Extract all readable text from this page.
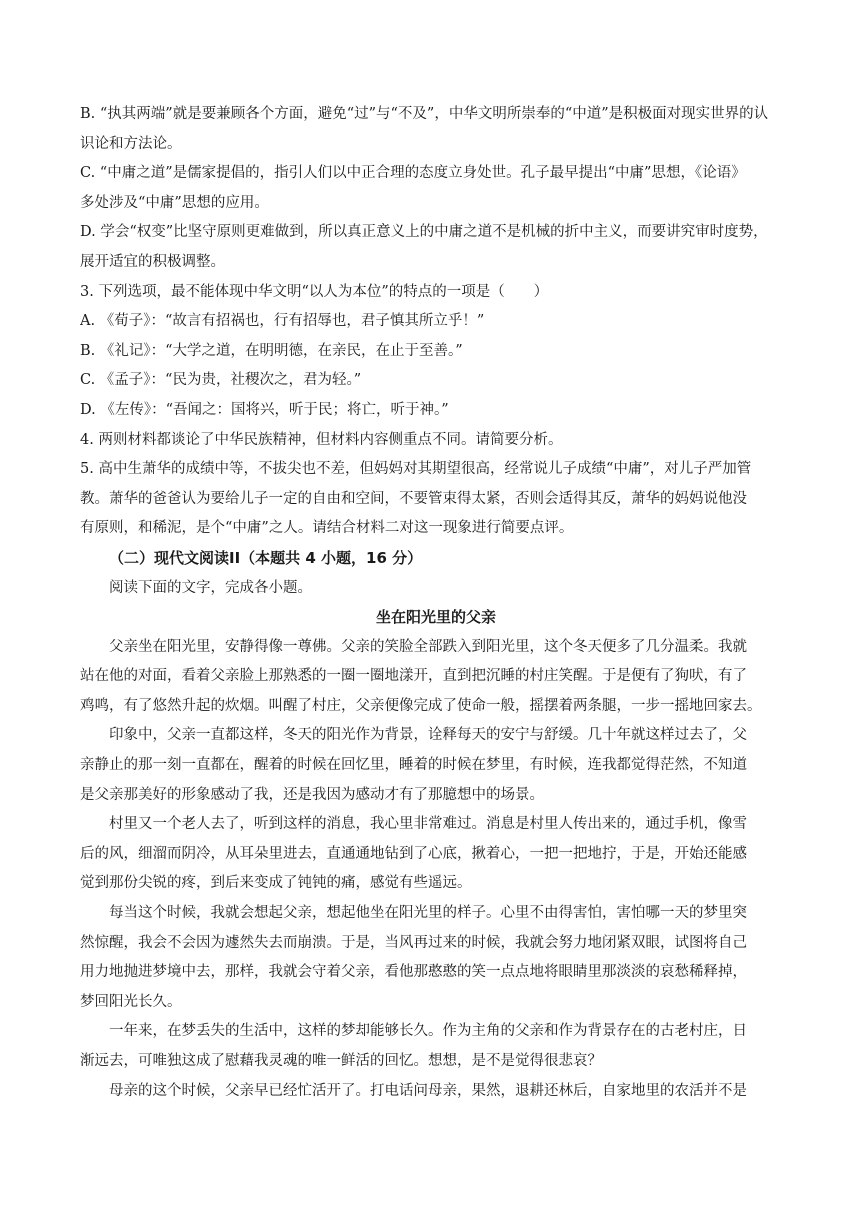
B. “执其两端”就是要兼顾各个方面，避免“过”与“不及”，中华文明所崇奉的“中道”是积极面对现实世界的认

识论和方法论。

C. “中庸之道”是儒家提倡的，指引人们以中正合理的态度立身处世。孔子最早提出“中庸”思想，《论语》

多处涉及“中庸”思想的应用。

D. 学会“权变”比坚守原则更难做到，所以真正意义上的中庸之道不是机械的折中主义，而要讲究审时度势，

展开适宜的积极调整。

3. 下列选项，最不能体现中华文明“以人为本位”的特点的一项是（　　）

A. 《荀子》：“故言有招祸也，行有招辱也，君子慎其所立乎！”

B. 《礼记》：“大学之道，在明明德，在亲民，在止于至善。”

C. 《孟子》：“民为贵，社稷次之，君为轻。”

D. 《左传》：“吾闻之：国将兴，听于民；将亡，听于神。”

4. 两则材料都谈论了中华民族精神，但材料内容侧重点不同。请简要分析。

5. 高中生萧华的成绩中等，不拔尖也不差，但妈妈对其期望很高，经常说儿子成绩“中庸”，对儿子严加管

教。萧华的爸爸认为要给儿子一定的自由和空间，不要管束得太紧，否则会适得其反，萧华的妈妈说他没

有原则，和稀泥，是个“中庸”之人。请结合材料二对这一现象进行简要点评。

（二）现代文阅读II（本题共 4 小题，16 分）

阅读下面的文字，完成各小题。

坐在阳光里的父亲

父亲坐在阳光里，安静得像一尊佛。父亲的笑脸全部跌入到阳光里，这个冬天便多了几分温柔。我就

站在他的对面，看着父亲脸上那熟悉的一圈一圈地漾开，直到把沉睡的村庄笑醒。于是便有了狗吠，有了

鸡鸣，有了悠然升起的炊烟。叫醒了村庄，父亲便像完成了使命一般，摇摆着两条腿，一步一摇地回家去。

印象中，父亲一直都这样，冬天的阳光作为背景，诠释每天的安宁与舒缓。几十年就这样过去了，父

亲静止的那一刻一直都在，醒着的时候在回忆里，睡着的时候在梦里，有时候，连我都觉得茫然，不知道

是父亲那美好的形象感动了我，还是我因为感动才有了那臆想中的场景。

村里又一个老人去了，听到这样的消息，我心里非常难过。消息是村里人传出来的，通过手机，像雪

后的风，细溜而阴冷，从耳朵里进去，直通通地钻到了心底，揪着心，一把一把地拧，于是，开始还能感

觉到那份尖锐的疼，到后来变成了钝钝的痛，感觉有些遥远。

每当这个时候，我就会想起父亲，想起他坐在阳光里的样子。心里不由得害怕，害怕哪一天的梦里突

然惊醒，我会不会因为遽然失去而崩溃。于是，当风再过来的时候，我就会努力地闭紧双眼，试图将自己

用力地抛进梦境中去，那样，我就会守着父亲，看他那憨憨的笑一点点地将眼睛里那淡淡的哀愁稀释掉，

梦回阳光长久。

一年来，在梦丢失的生活中，这样的梦却能够长久。作为主角的父亲和作为背景存在的古老村庄，日

渐远去，可唯独这成了慰藉我灵魂的唯一鲜活的回忆。想想，是不是觉得很悲哀？

母亲的这个时候，父亲早已经忙活开了。打电话问母亲，果然，退耕还林后，自家地里的农活并不是
